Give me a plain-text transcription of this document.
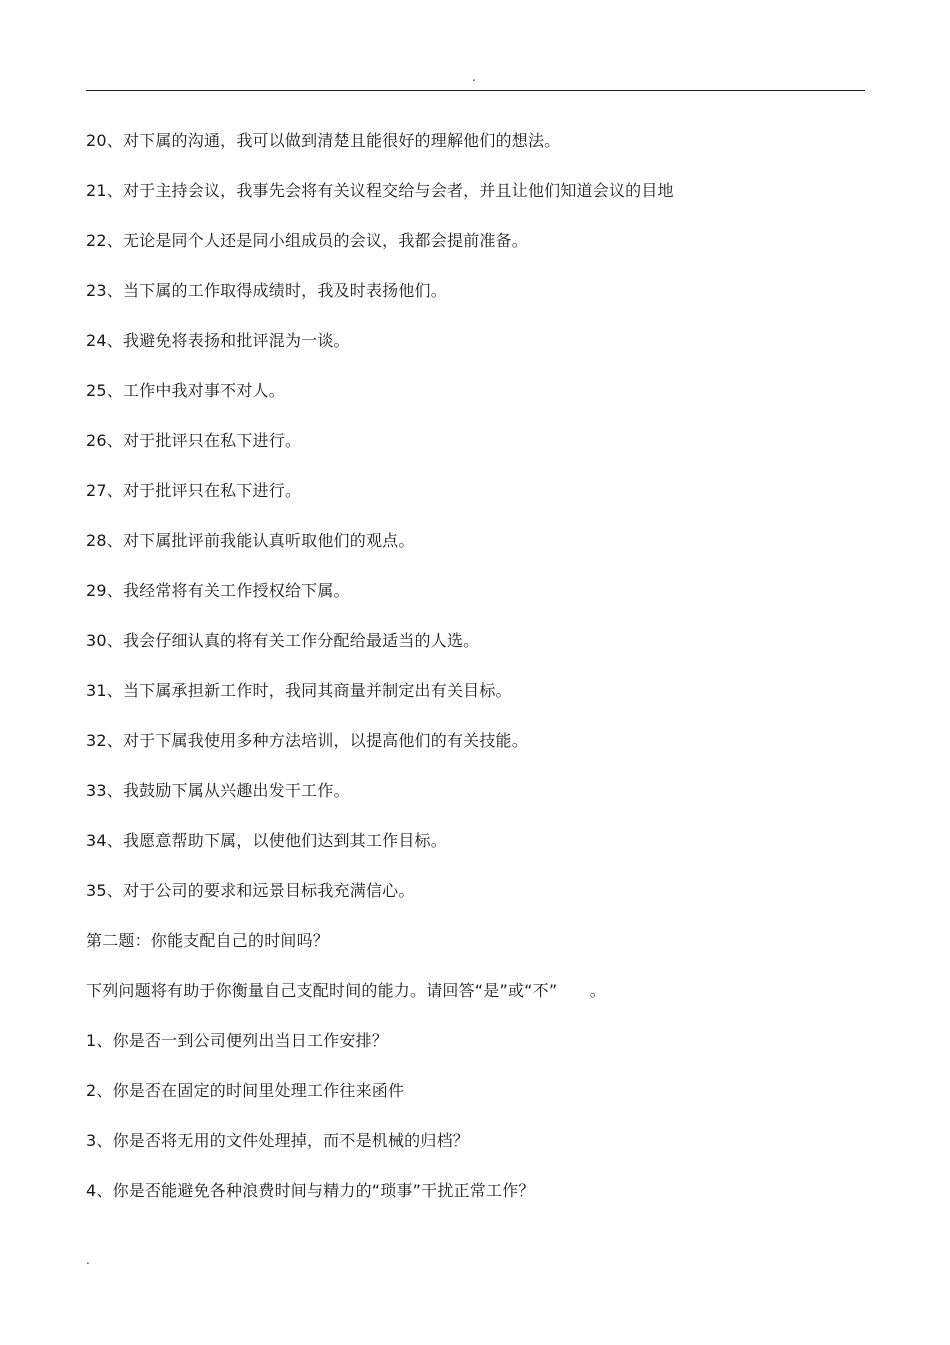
.
20、对下属的沟通，我可以做到清楚且能很好的理解他们的想法。
21、对于主持会议，我事先会将有关议程交给与会者，并且让他们知道会议的目地
22、无论是同个人还是同小组成员的会议，我都会提前准备。
23、当下属的工作取得成绩时，我及时表扬他们。
24、我避免将表扬和批评混为一谈。
25、工作中我对事不对人。
26、对于批评只在私下进行。
27、对于批评只在私下进行。
28、对下属批评前我能认真听取他们的观点。
29、我经常将有关工作授权给下属。
30、我会仔细认真的将有关工作分配给最适当的人选。
31、当下属承担新工作时，我同其商量并制定出有关目标。
32、对于下属我使用多种方法培训，以提高他们的有关技能。
33、我鼓励下属从兴趣出发干工作。
34、我愿意帮助下属，以使他们达到其工作目标。
35、对于公司的要求和远景目标我充满信心。
第二题：你能支配自己的时间吗？
下列问题将有助于你衡量自己支配时间的能力。请回答“是”或“不”　　。
1、你是否一到公司便列出当日工作安排？
2、你是否在固定的时间里处理工作往来函件
3、你是否将无用的文件处理掉，而不是机械的归档？
4、你是否能避免各种浪费时间与精力的“琐事”干扰正常工作？
.
